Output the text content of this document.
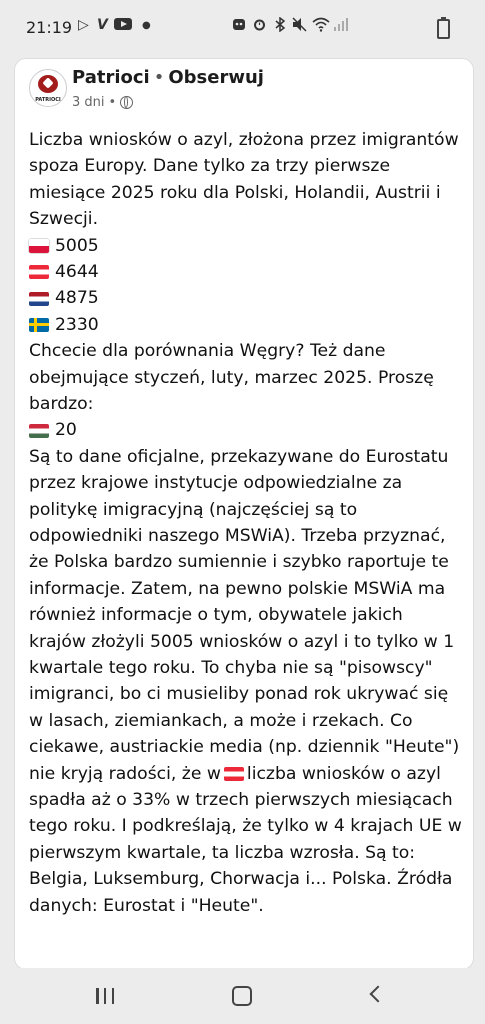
21:19 ▷ V	●
PATRIOCI
Patrioci • Obserwuj
3 dni •

Liczba wniosków o azyl, złożona przez imigrantów spoza Europy. Dane tylko za trzy pierwsze miesiące 2025 roku dla Polski, Holandii, Austrii i Szwecji.

5005
4644
4875
2330

Chcecie dla porównania Węgry? Też dane obejmujące styczeń, luty, marzec 2025. Proszę bardzo:

20

Są to dane oficjalne, przekazywane do Eurostatu przez krajowe instytucje odpowiedzialne za politykę imigracyjną (najczęściej są to odpowiedniki naszego MSWiA). Trzeba przyznać, że Polska bardzo sumiennie i szybko raportuje te informacje. Zatem, na pewno polskie MSWiA ma również informacje o tym, obywatele jakich krajów złożyli 5005 wniosków o azyl i to tylko w 1 kwartale tego roku. To chyba nie są "pisowscy" imigranci, bo ci musieliby ponad rok ukrywać się w lasach, ziemiankach, a może i rzekach. Co ciekawe, austriackie media (np. dziennik "Heute") nie kryją radości, że w liczba wniosków o azyl spadła aż o 33% w trzech pierwszych miesiącach tego roku. I podkreślają, że tylko w 4 krajach UE w pierwszym kwartale, ta liczba wzrosła. Są to: Belgia, Luksemburg, Chorwacja i... Polska. Źródła danych: Eurostat i "Heute".
